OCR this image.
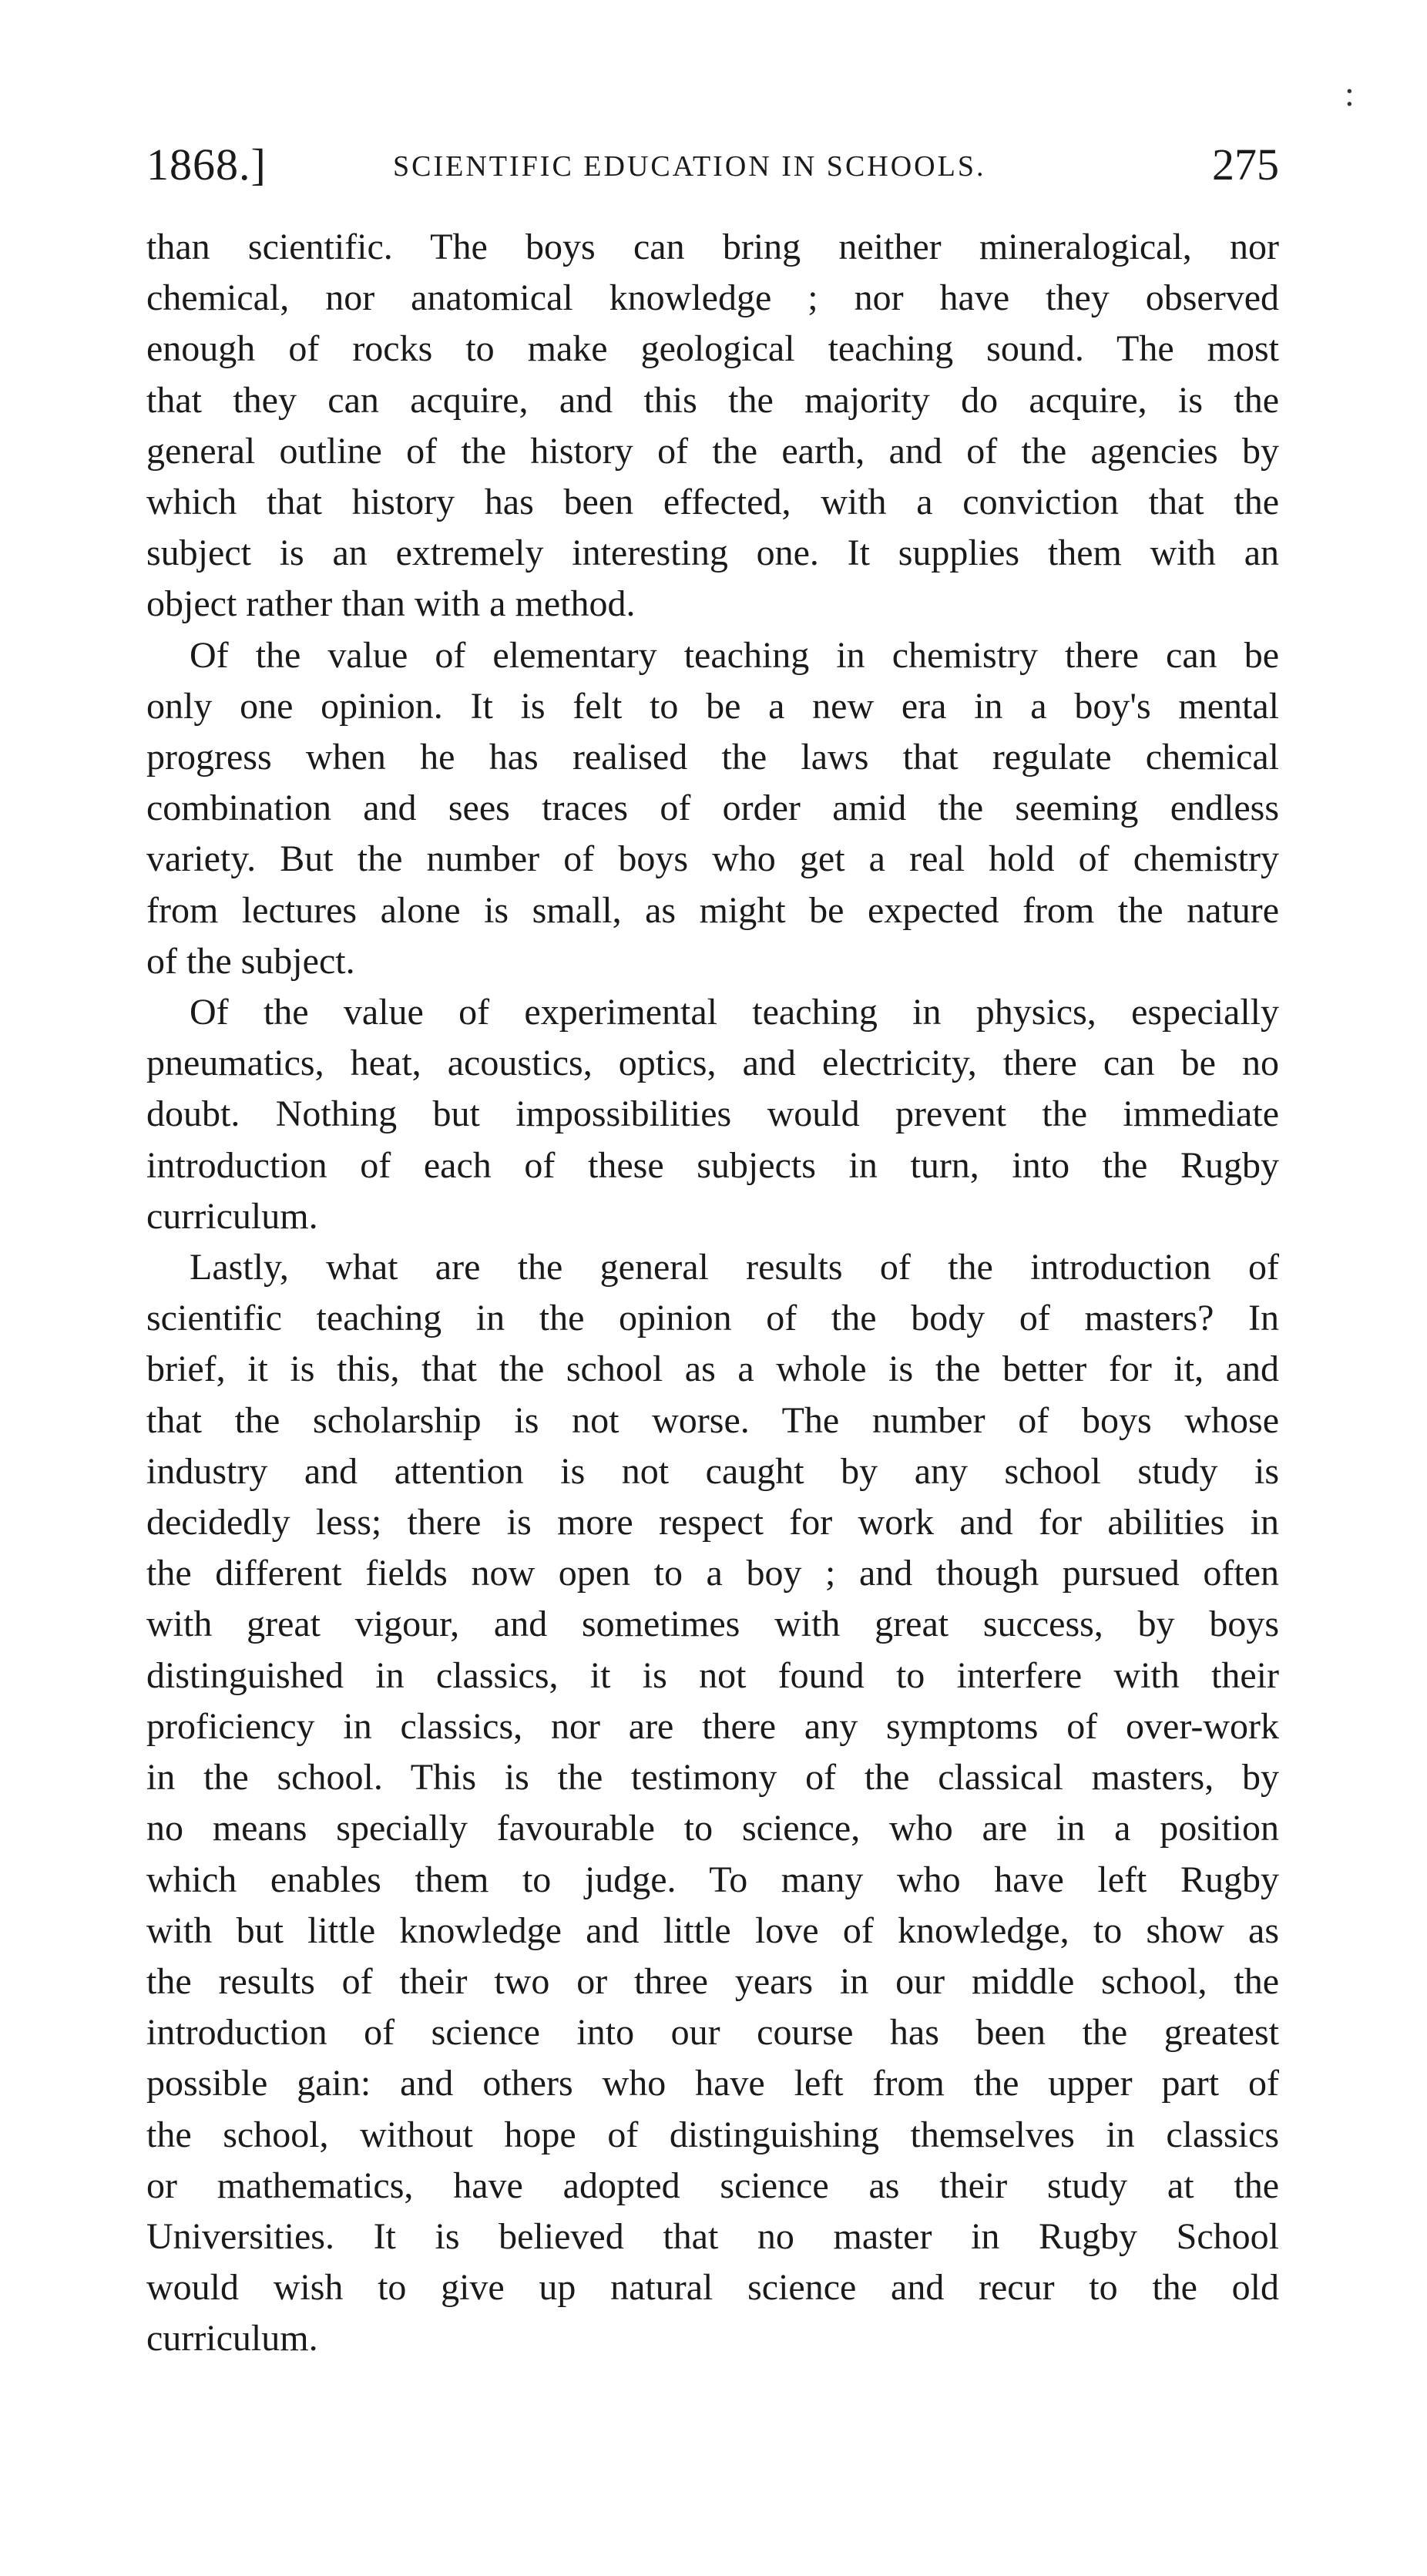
:
1868.]	SCIENTIFIC EDUCATION IN SCHOOLS.	275

than scientific. The boys can bring neither mineralogical, nor
chemical, nor anatomical knowledge ; nor have they observed
enough of rocks to make geological teaching sound. The most
that they can acquire, and this the majority do acquire, is the
general outline of the history of the earth, and of the agencies by
which that history has been effected, with a conviction that the
subject is an extremely interesting one. It supplies them with an
object rather than with a method.

Of the value of elementary teaching in chemistry there can be
only one opinion. It is felt to be a new era in a boy's mental
progress when he has realised the laws that regulate chemical
combination and sees traces of order amid the seeming endless
variety. But the number of boys who get a real hold of chemistry
from lectures alone is small, as might be expected from the nature
of the subject.

Of the value of experimental teaching in physics, especially
pneumatics, heat, acoustics, optics, and electricity, there can be no
doubt. Nothing but impossibilities would prevent the immediate
introduction of each of these subjects in turn, into the Rugby
curriculum.

Lastly, what are the general results of the introduction of
scientific teaching in the opinion of the body of masters? In
brief, it is this, that the school as a whole is the better for it, and
that the scholarship is not worse. The number of boys whose
industry and attention is not caught by any school study is
decidedly less; there is more respect for work and for abilities in
the different fields now open to a boy ; and though pursued often
with great vigour, and sometimes with great success, by boys
distinguished in classics, it is not found to interfere with their
proficiency in classics, nor are there any symptoms of over-work
in the school. This is the testimony of the classical masters, by
no means specially favourable to science, who are in a position
which enables them to judge. To many who have left Rugby
with but little knowledge and little love of knowledge, to show as
the results of their two or three years in our middle school, the
introduction of science into our course has been the greatest
possible gain: and others who have left from the upper part of
the school, without hope of distinguishing themselves in classics
or mathematics, have adopted science as their study at the
Universities. It is believed that no master in Rugby School
would wish to give up natural science and recur to the old
curriculum.
